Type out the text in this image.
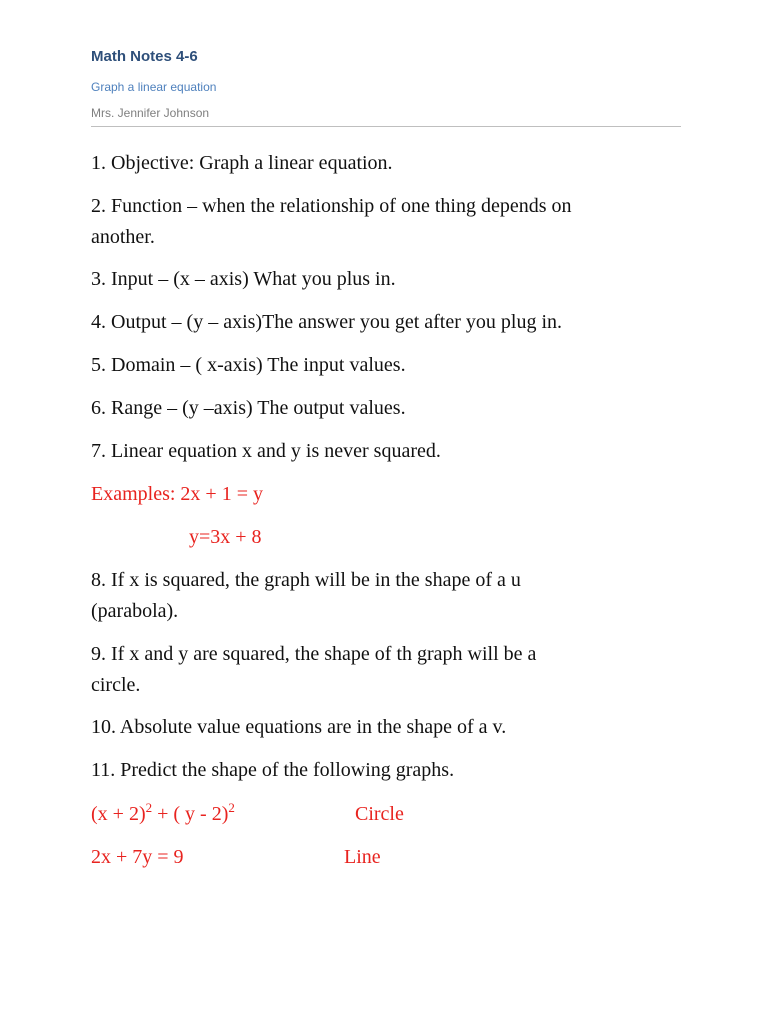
Math Notes 4-6
Graph a linear equation
Mrs. Jennifer Johnson
1. Objective: Graph a linear equation.
2. Function – when the relationship of one thing depends on
another.
3. Input – (x – axis) What you plus in.
4. Output – (y – axis)The answer you get after you plug in.
5. Domain – ( x-axis) The input values.
6. Range – (y –axis) The output values.
7. Linear equation x and y is never squared.
Examples: 2x + 1 = y
y=3x + 8
8. If x is squared, the graph will be in the shape of a u
(parabola).
9. If x and y are squared, the shape of th graph will be a
circle.
10. Absolute value equations are in the shape of a v.
11. Predict the shape of the following graphs.
$(x + 2)^2$ + ( y - 2)$^2$	Circle
2x + 7y = 9	Line
